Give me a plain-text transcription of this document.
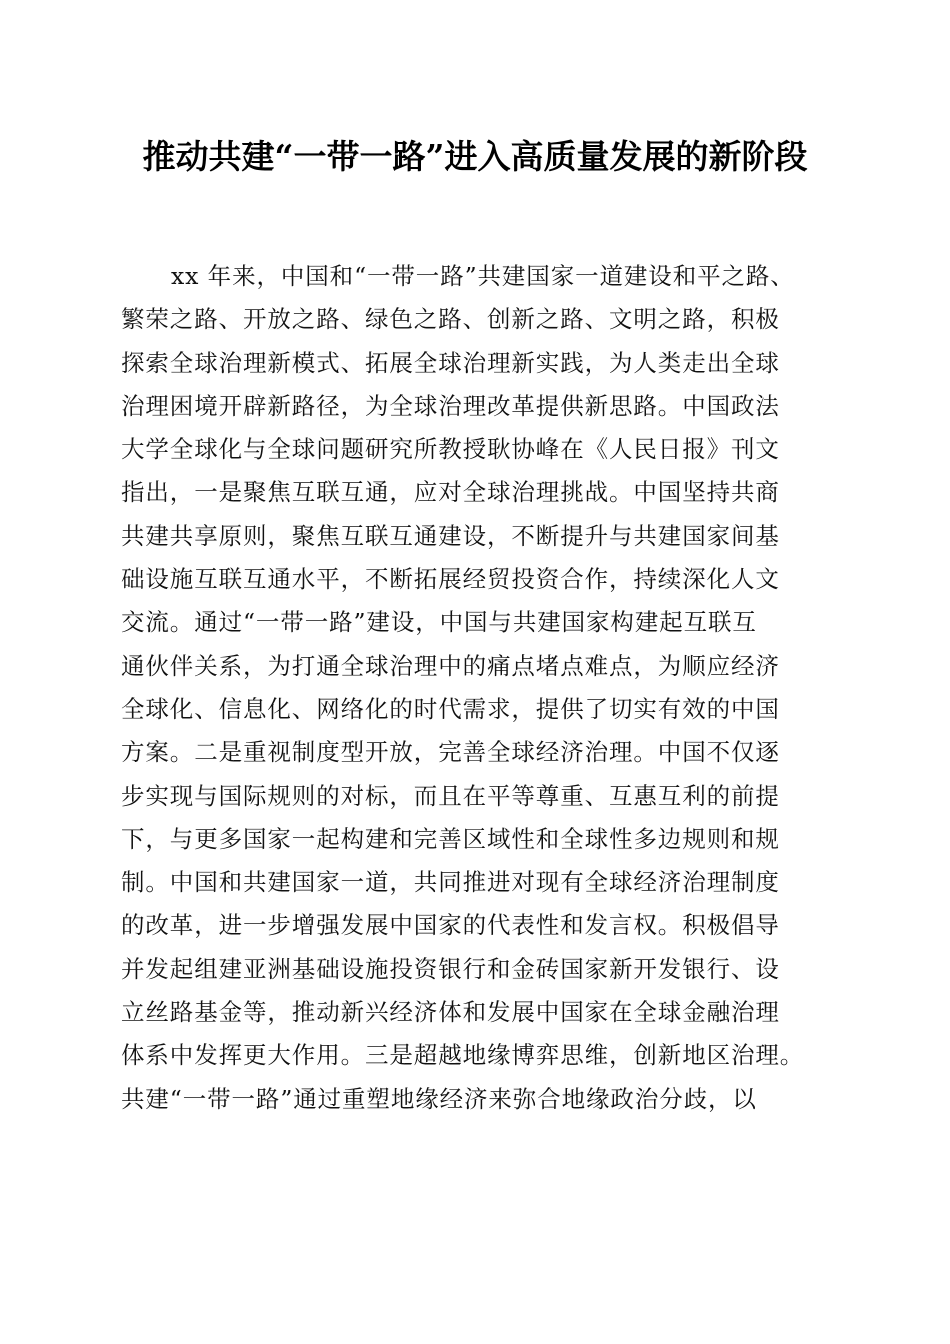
推动共建“一带一路”进入高质量发展的新阶段
xx 年来，中国和“一带一路”共建国家一道建设和平之路、
繁荣之路、开放之路、绿色之路、创新之路、文明之路，积极
探索全球治理新模式、拓展全球治理新实践，为人类走出全球
治理困境开辟新路径，为全球治理改革提供新思路。中国政法
大学全球化与全球问题研究所教授耿协峰在《人民日报》刊文
指出，一是聚焦互联互通，应对全球治理挑战。中国坚持共商
共建共享原则，聚焦互联互通建设，不断提升与共建国家间基
础设施互联互通水平，不断拓展经贸投资合作，持续深化人文
交流。通过“一带一路”建设，中国与共建国家构建起互联互
通伙伴关系，为打通全球治理中的痛点堵点难点，为顺应经济
全球化、信息化、网络化的时代需求，提供了切实有效的中国
方案。二是重视制度型开放，完善全球经济治理。中国不仅逐
步实现与国际规则的对标，而且在平等尊重、互惠互利的前提
下，与更多国家一起构建和完善区域性和全球性多边规则和规
制。中国和共建国家一道，共同推进对现有全球经济治理制度
的改革，进一步增强发展中国家的代表性和发言权。积极倡导
并发起组建亚洲基础设施投资银行和金砖国家新开发银行、设
立丝路基金等，推动新兴经济体和发展中国家在全球金融治理
体系中发挥更大作用。三是超越地缘博弈思维，创新地区治理。
共建“一带一路”通过重塑地缘经济来弥合地缘政治分歧，以
